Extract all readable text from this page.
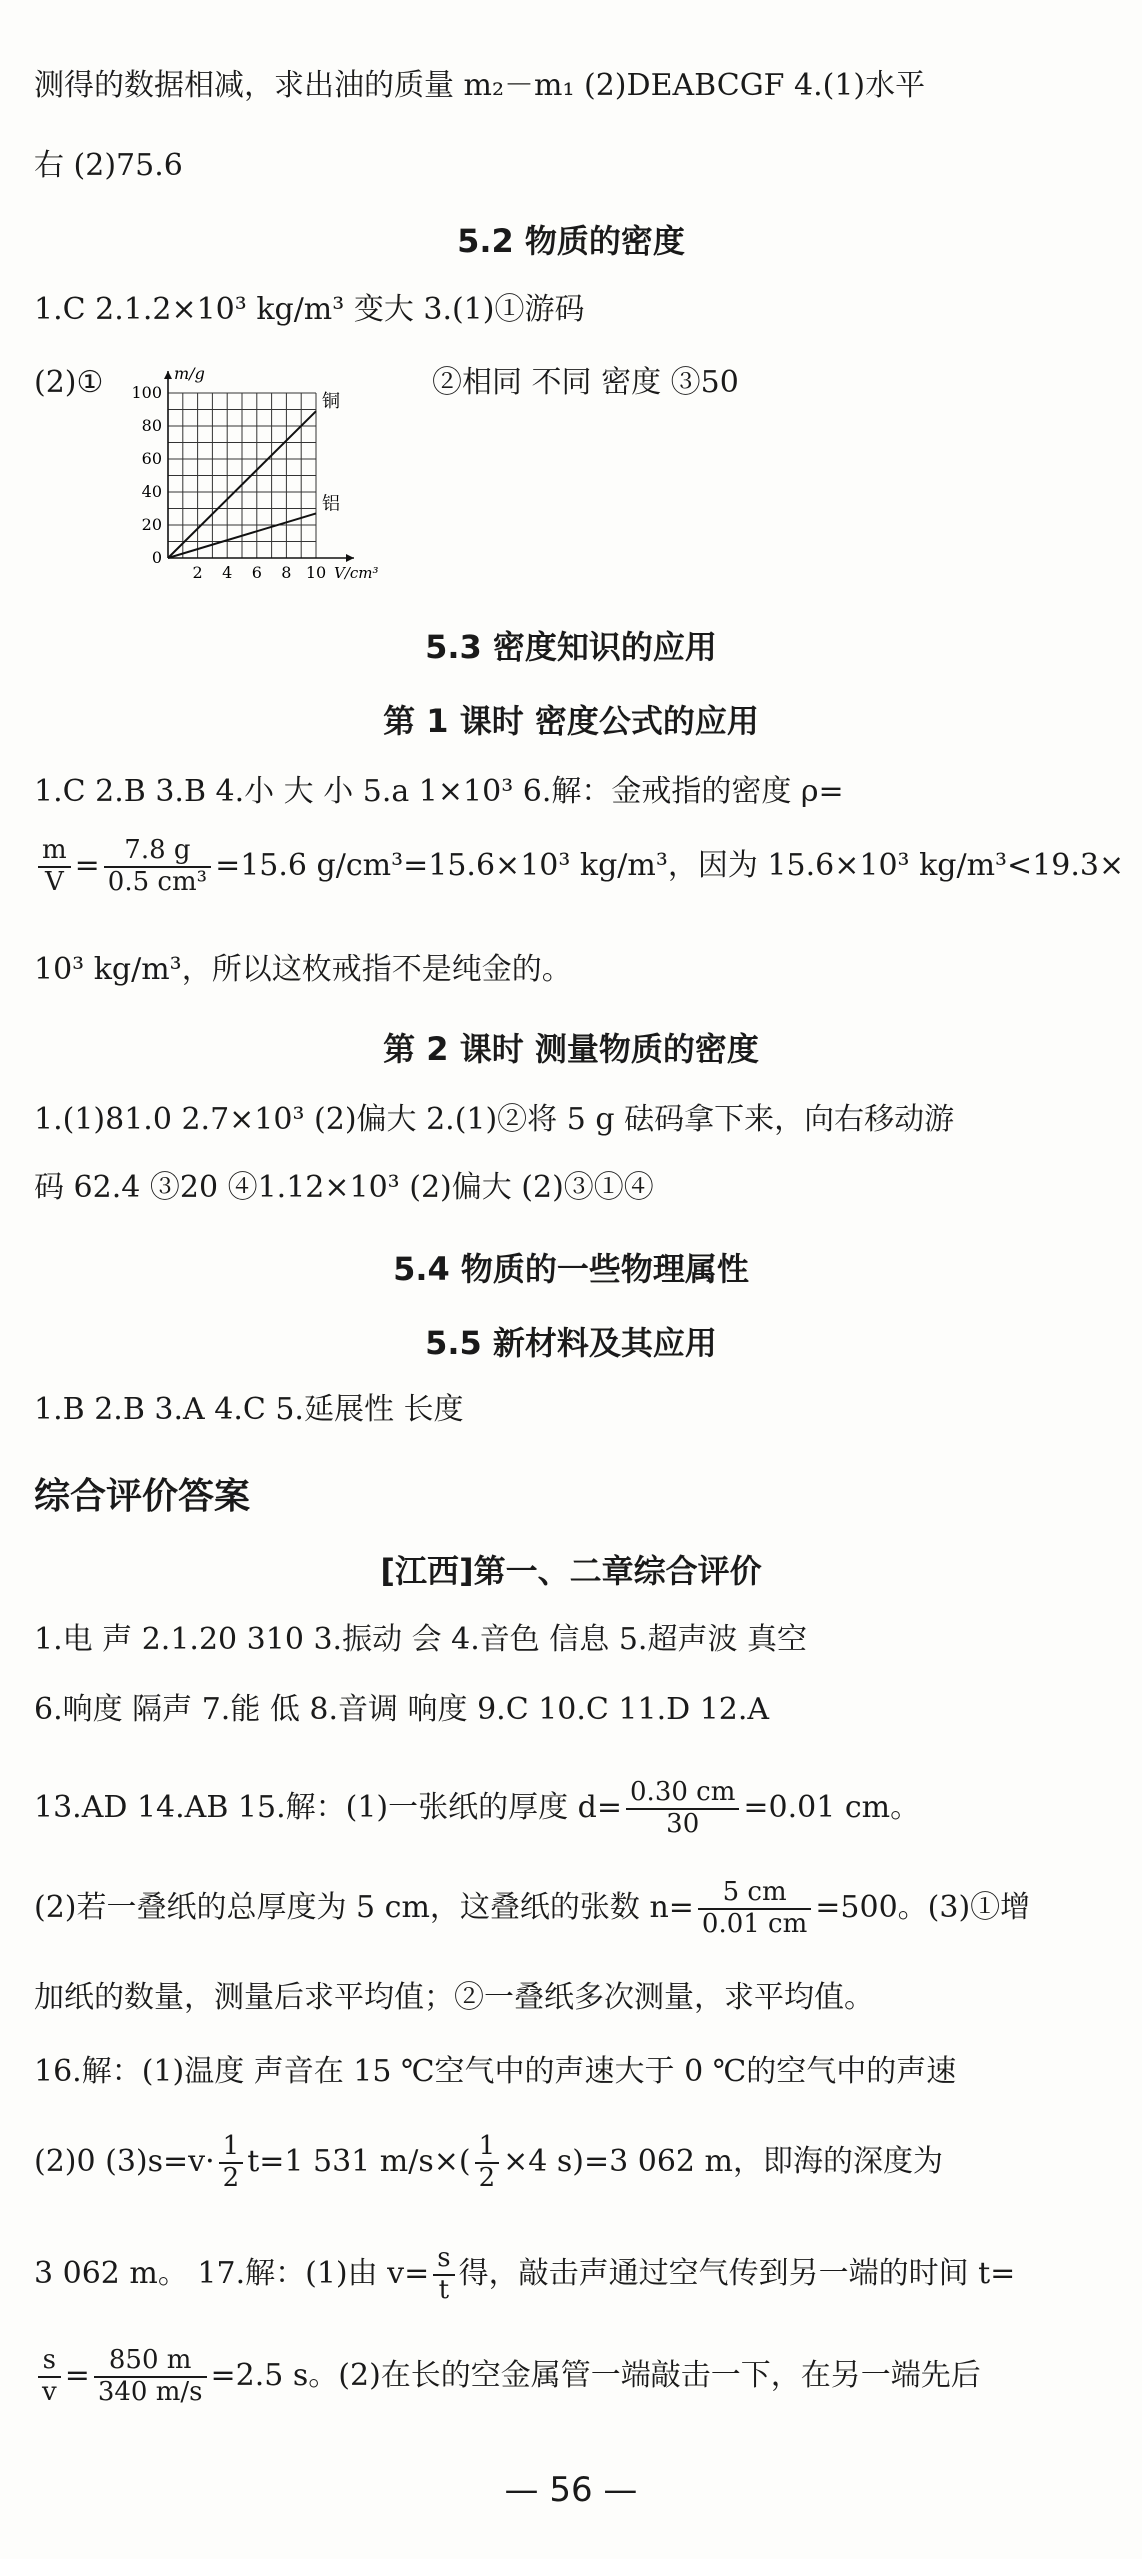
测得的数据相减，求出油的质量 m₂－m₁ (2)DEABCGF 4.(1)水平
右 (2)75.6
5.2 物质的密度
1.C 2.1.2×10³ kg/m³ 变大 3.(1)①游码
(2)①
2 4 6 8 10
0
20
40
60
80
100
m/g
V/cm³
铜
铝
②相同 不同 密度 ③50
5.3 密度知识的应用
第 1 课时 密度公式的应用
1.C 2.B 3.B 4.小 大 小 5.a 1×10³ 6.解：金戒指的密度 ρ=
$\frac{m}{V} = \frac{7.8 g}{\text{0.5 cm³}} =15.6$ g/cm³=15.6×10³ kg/m³，因为 15.6×10³ kg/m³<19.3×
10³ kg/m³，所以这枚戒指不是纯金的。
第 2 课时 测量物质的密度
1.(1)81.0 2.7×10³ (2)偏大 2.(1)②将 5 g 砝码拿下来，向右移动游
码 62.4 ③20 ④1.12×10³ (2)偏大 (2)③①④
5.4 物质的一些物理属性
5.5 新材料及其应用
1.B 2.B 3.A 4.C 5.延展性 长度
综合评价答案
[江西]第一、二章综合评价
1.电 声 2.1.20 310 3.振动 会 4.音色 信息 5.超声波 真空
6.响度 隔声 7.能 低 8.音调 响度 9.C 10.C 11.D 12.A
13.AD 14.AB 15.解：(1)一张纸的厚度 $d= \frac{0.30 cm}{30} =0.01$ cm。
(2)若一叠纸的总厚度为 5 cm，这叠纸的张数 $n= \frac{5 cm}{0.01 cm} =500$。(3)①增
加纸的数量，测量后求平均值；②一叠纸多次测量，求平均值。
16.解：(1)温度 声音在 15 ℃空气中的声速大于 0 ℃的空气中的声速
(2)0 $(3)s=v\cdot \frac{1}{2} t=1$ 531 $m/s\times( \frac{1}{2} \times 4$ s)=3 062 m，即海的深度为
3 062 m。 17.解：(1)由 $v= \frac{s}{t}$ 得，敲击声通过空气传到另一端的时间 t=
$\frac{s}{v} = \frac{850 m}{340 m/s} =2.5$ s。(2)在长的空金属管一端敲击一下，在另一端先后
— 56 —
